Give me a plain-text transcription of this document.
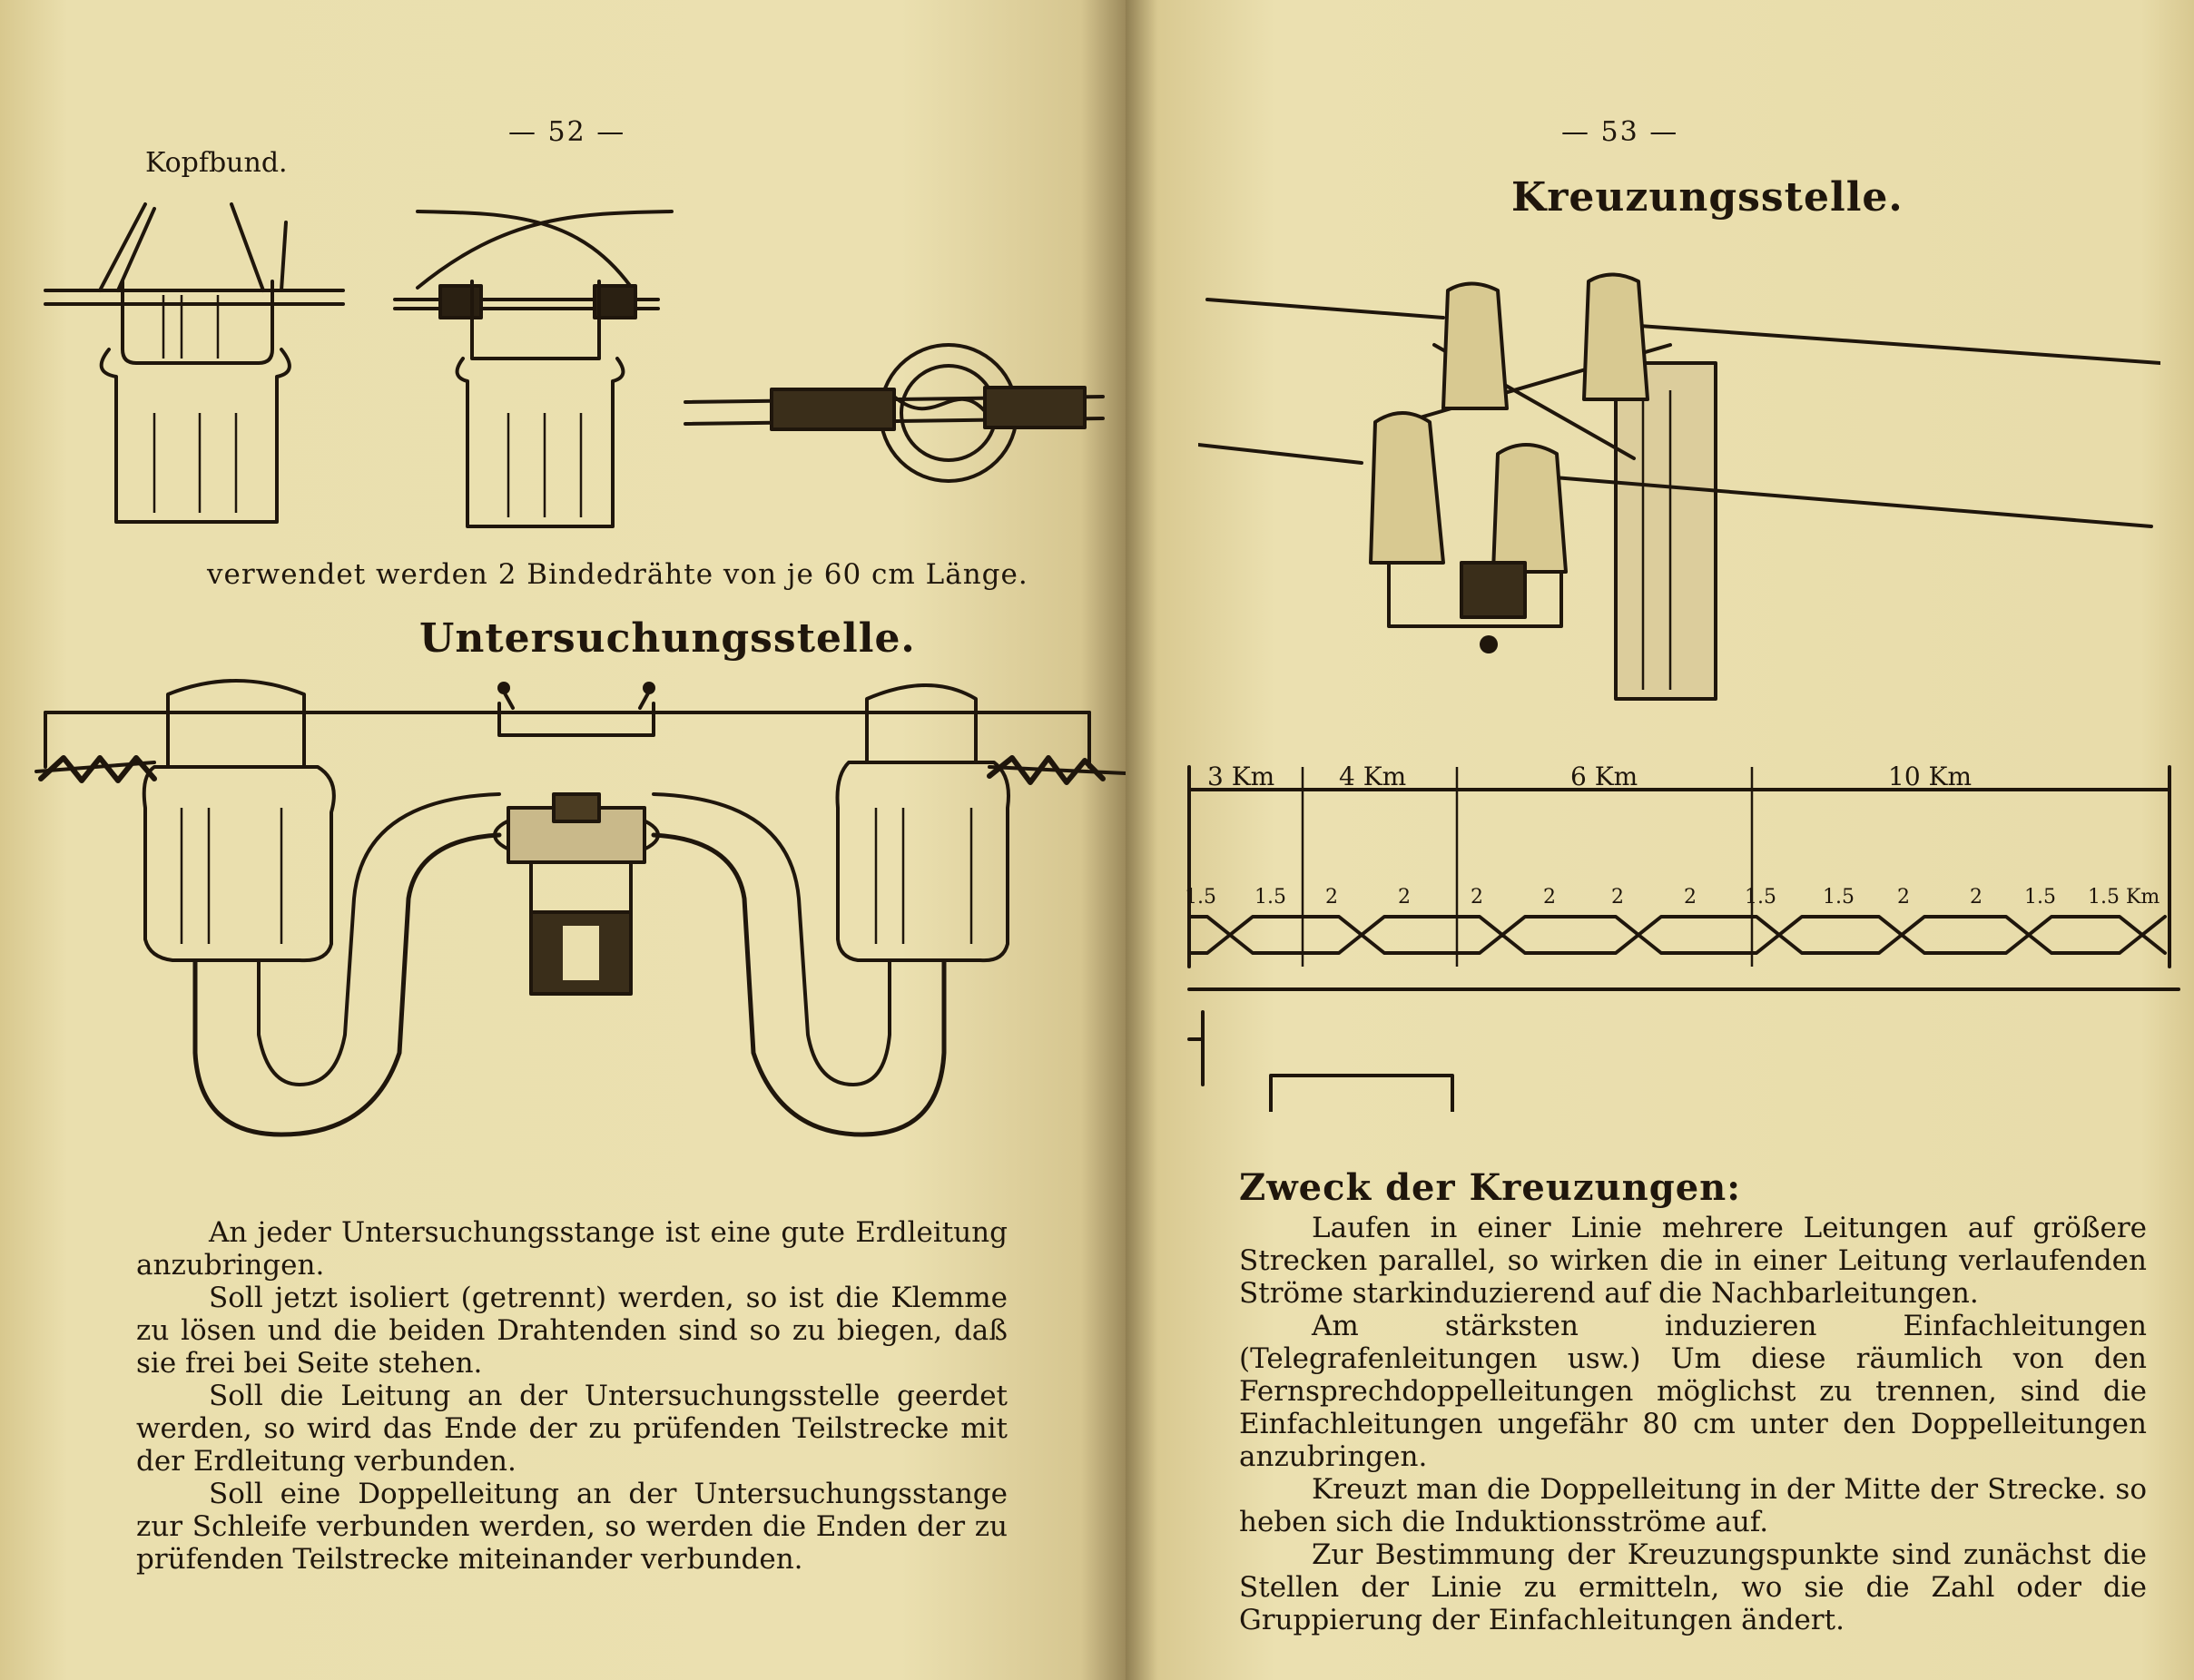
— 52 —
Kopfbund.
verwendet werden 2 Bindedrähte von je 60 cm Länge.
Untersuchungsstelle.

An jeder Untersuchungsstange ist eine gute Erdleitung anzubringen.

Soll jetzt isoliert (getrennt) werden, so ist die Klemme zu lösen und die beiden Drahtenden sind so zu biegen, daß sie frei bei Seite stehen.

Soll die Leitung an der Untersuchungsstelle geerdet werden, so wird das Ende der zu prüfenden Teilstrecke mit der Erdleitung verbunden.

Soll eine Doppelleitung an der Untersuchungsstange zur Schleife verbunden werden, so werden die Enden der zu prüfenden Teilstrecke miteinander verbunden.

— 53 —
Kreuzungsstelle.
3 Km	4 Km	6 Km	10 Km
1.5 1.5 2	2	2	2	2	2 1.5 1.5 2	2 1.5 1.5 Km
Zweck der Kreuzungen:

Laufen in einer Linie mehrere Leitungen auf größere Strecken parallel, so wirken die in einer Leitung verlaufenden Ströme starkinduzierend auf die Nachbarleitungen.

Am stärksten induzieren Einfachleitungen (Telegrafenleitungen usw.) Um diese räumlich von den Fernsprechdoppelleitungen möglichst zu trennen, sind die Einfachleitungen ungefähr 80 cm unter den Doppelleitungen anzubringen.

Kreuzt man die Doppelleitung in der Mitte der Strecke. so heben sich die Induktionsströme auf.

Zur Bestimmung der Kreuzungspunkte sind zunächst die Stellen der Linie zu ermitteln, wo sie die Zahl oder die Gruppierung der Einfachleitungen ändert.
